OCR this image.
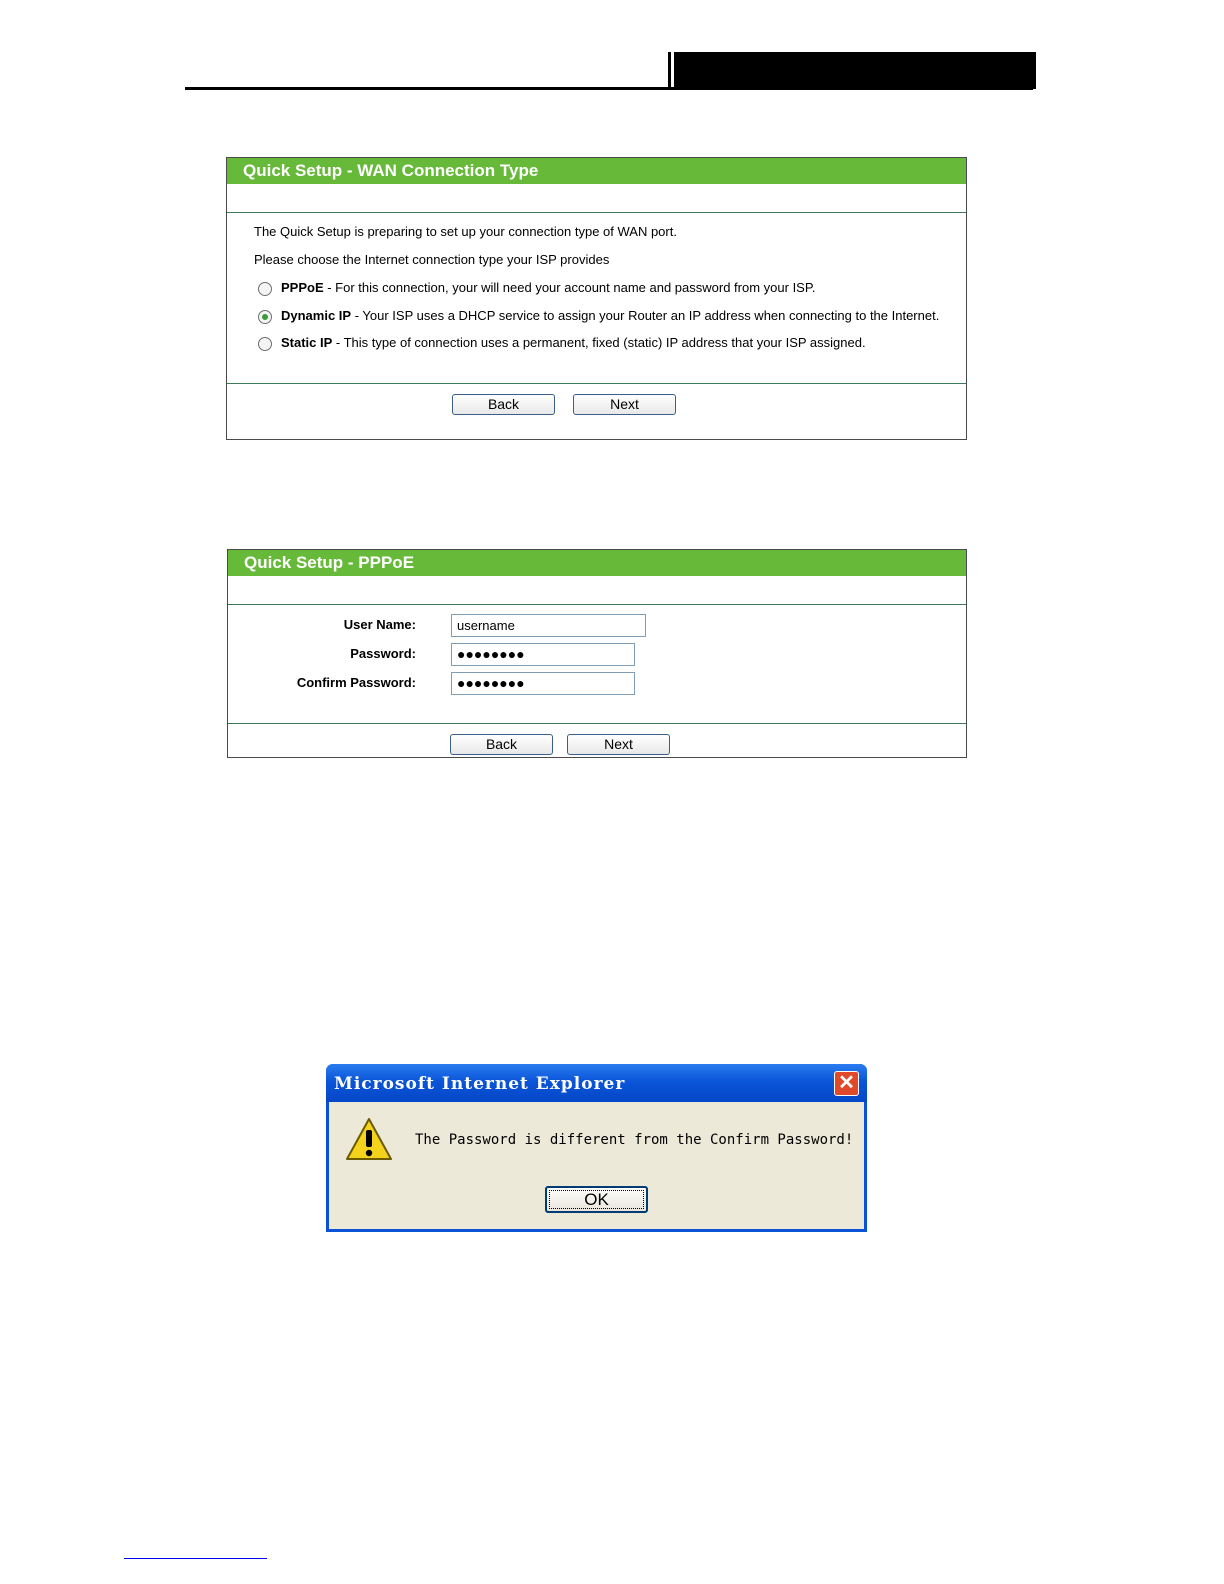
Quick Setup - WAN Connection Type
The Quick Setup is preparing to set up your connection type of WAN port.
Please choose the Internet connection type your ISP provides
PPPoE - For this connection, your will need your account name and password from your ISP.
Dynamic IP - Your ISP uses a DHCP service to assign your Router an IP address when connecting to the Internet.
Static IP - This type of connection uses a permanent, fixed (static) IP address that your ISP assigned.
Back	Next
Quick Setup - PPPoE
User Name:
username
Password:	●●●●●●●●
Confirm Password:	●●●●●●●●
Back	Next
Microsoft Internet Explorer	✕
The Password is different from the Confirm Password!
OK
